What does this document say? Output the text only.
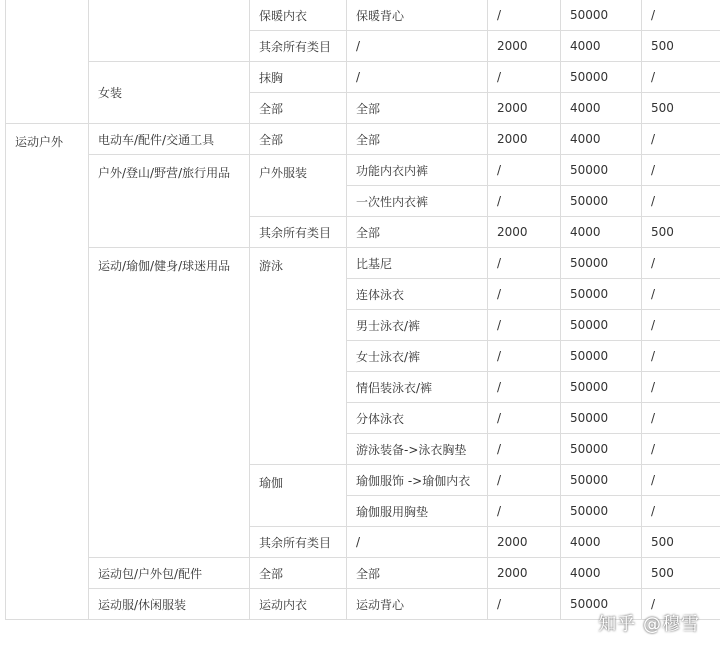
		保暖内衣	保暖背心	/	50000	/
		其余所有类目	/	2000	4000	500
	女装	抹胸	/	/	50000	/
		全部	全部	2000	4000	500
运动户外	电动车/配件/交通工具	全部	全部	2000	4000	/
	户外/登山/野营/旅行用品	户外服装	功能内衣内裤	/	50000	/
			一次性内衣裤	/	50000	/
		其余所有类目	全部	2000	4000	500
	运动/瑜伽/健身/球迷用品	游泳	比基尼	/	50000	/
			连体泳衣	/	50000	/
			男士泳衣/裤	/	50000	/
			女士泳衣/裤	/	50000	/
			情侣装泳衣/裤	/	50000	/
			分体泳衣	/	50000	/
			游泳装备->泳衣胸垫	/	50000	/
		瑜伽	瑜伽服饰 ->瑜伽内衣	/	50000	/
			瑜伽服用胸垫	/	50000	/
		其余所有类目	/	2000	4000	500
	运动包/户外包/配件	全部	全部	2000	4000	500
	运动服/休闲服装	运动内衣	运动背心	/	50000	/
知乎 @穆雪
